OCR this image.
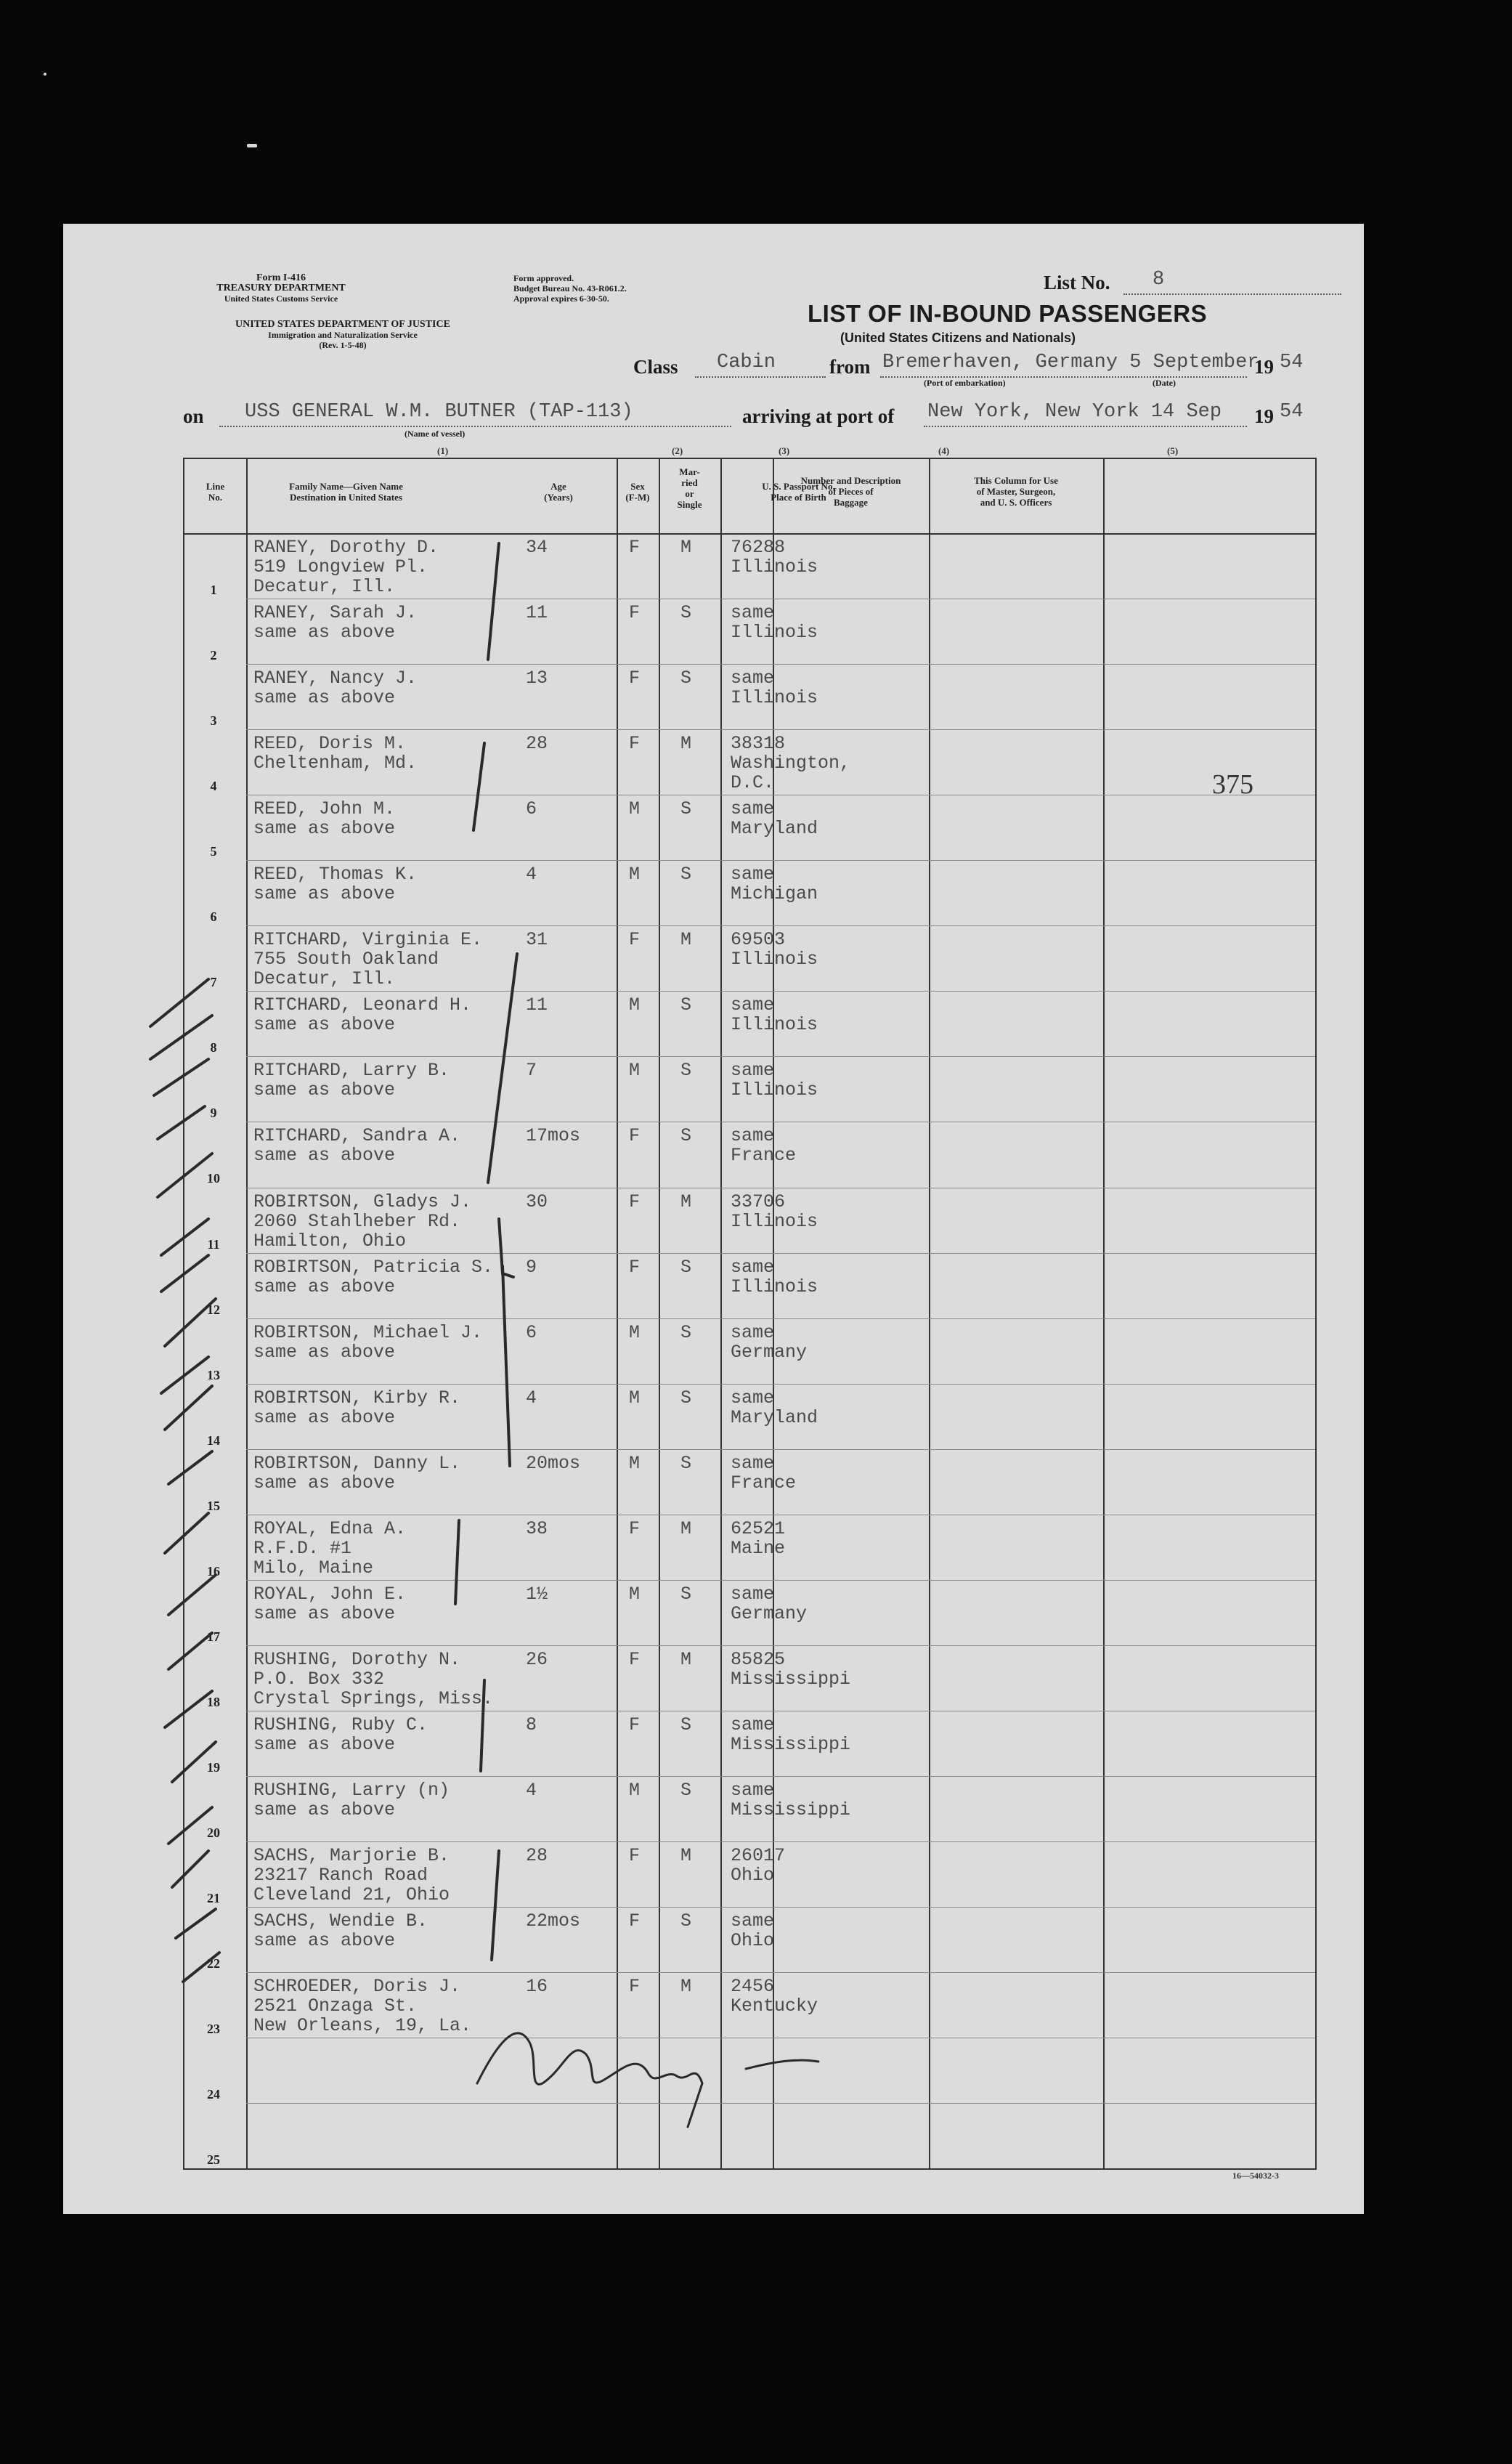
Form I-416
TREASURY DEPARTMENT
United States Customs Service
UNITED STATES DEPARTMENT OF JUSTICE
Immigration and Naturalization Service
(Rev. 1-5-48)
Form approved.
Budget Bureau No. 43-R061.2.
Approval expires 6-30-50.
List No. 8
LIST OF IN-BOUND PASSENGERS
(United States Citizens and Nationals)
Class Cabin	from Bremerhaven, Germany 5 September
19 54
(Port of embarkation)	(Date)
on USS GENERAL W.M. BUTNER (TAP-113)
(Name of vessel)
arriving at port of New York, New York 14 Sep 19 54
(1)	(2)	(3)	(4)	(5)
Line
No.
Family Name—Given Name
Destination in United States
Age
(Years)
Sex
(F-M)
Mar-
ried
or
Single
U. S. Passport No.
Place of Birth
Number and Description
of Pieces of
Baggage
This Column for Use
of Master, Surgeon,
and U. S. Officers
1
RANEY, Dorothy D.
519 Longview Pl.
Decatur, Ill.
34	F M 76288
Illinois
2
RANEY, Sarah J.
same as above
11	F S same
Illinois
3
RANEY, Nancy J.
same as above
13	F S same
Illinois
4
REED, Doris M.
Cheltenham, Md.
28	F M 38318
Washington,
D.C.
5
REED, John M.
same as above
6	M S same
Maryland
6
REED, Thomas K.
same as above
4	M S same
Michigan
7
RITCHARD, Virginia E.
755 South Oakland
Decatur, Ill.
31	F M 69503
Illinois
8
RITCHARD, Leonard H.
same as above
11	M S same
Illinois
9
RITCHARD, Larry B.
same as above
7	M S same
Illinois
10
RITCHARD, Sandra A.
same as above
17mos	F S same
France
11
ROBIRTSON, Gladys J.
2060 Stahlheber Rd.
Hamilton, Ohio
30	F M 33706
Illinois
12
ROBIRTSON, Patricia S.
same as above
9	F S same
Illinois
13
ROBIRTSON, Michael J.
same as above
6	M S same
Germany
14
ROBIRTSON, Kirby R.
same as above
4	M S same
Maryland
15
ROBIRTSON, Danny L.
same as above
20mos	M S same
France
16
ROYAL, Edna A.
R.F.D. #1
Milo, Maine
38	F M 62521
Maine
17
ROYAL, John E.
same as above
1½	M S same
Germany
18
RUSHING, Dorothy N.
P.O. Box 332
Crystal Springs, Miss.
26	F M 85825
Mississippi
19
RUSHING, Ruby C.
same as above
8	F S same
Mississippi
20
RUSHING, Larry (n)
same as above
4	M S same
Mississippi
21
SACHS, Marjorie B.
23217 Ranch Road
Cleveland 21, Ohio
28	F M 26017
Ohio
22
SACHS, Wendie B.
same as above
22mos	F S same
Ohio
23
SCHROEDER, Doris J.
2521 Onzaga St.
New Orleans, 19, La.
16	F M 2456
Kentucky
24
25
375
16—54032-3
